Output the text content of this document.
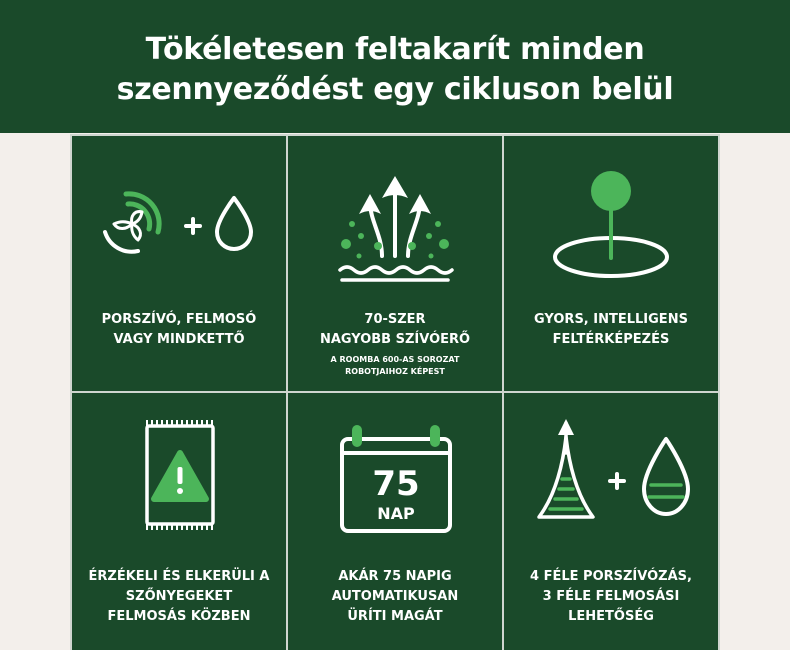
Tökéletesen feltakarít minden
szennyeződést egy cikluson belül
PORSZÍVÓ, FELMOSÓ
VAGY MINDKETTŐ
70-SZER
NAGYOBB SZÍVÓERŐ
A ROOMBA 600-AS SOROZAT
ROBOTJAIHOZ KÉPEST
GYORS, INTELLIGENS
FELTÉRKÉPEZÉS
ÉRZÉKELI ÉS ELKERÜLI A
SZŐNYEGEKET
FELMOSÁS KÖZBEN
75
NAP
AKÁR 75 NAPIG
AUTOMATIKUSAN
ÜRÍTI MAGÁT
4 FÉLE PORSZÍVÓZÁS,
3 FÉLE FELMOSÁSI
LEHETŐSÉG
